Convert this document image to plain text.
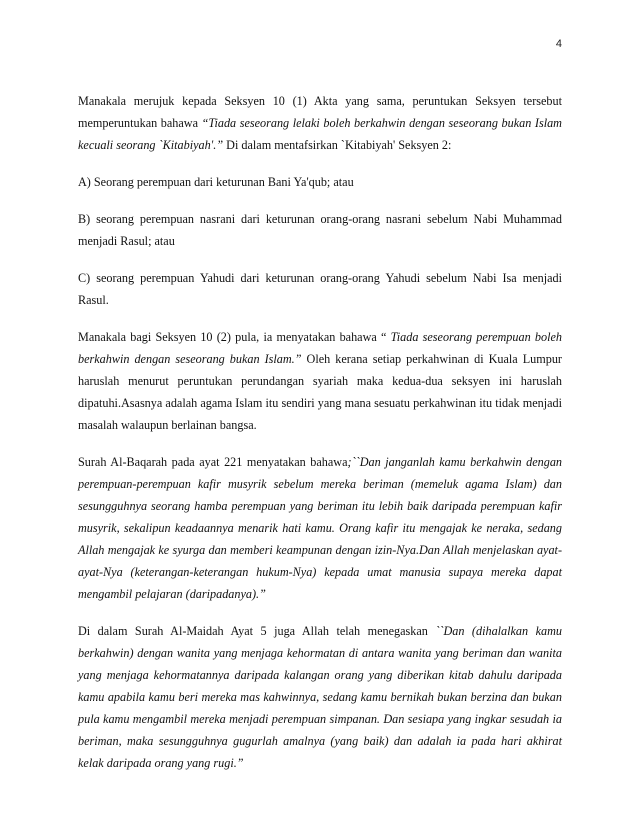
4

Manakala merujuk kepada Seksyen 10 (1) Akta yang sama, peruntukan Seksyen tersebut memperuntukan bahawa “Tiada seseorang lelaki boleh berkahwin dengan seseorang bukan Islam kecuali seorang `Kitabiyah'.” Di dalam mentafsirkan `Kitabiyah' Seksyen 2:

A) Seorang perempuan dari keturunan Bani Ya'qub; atau

B) seorang perempuan nasrani dari keturunan orang-orang nasrani sebelum Nabi Muhammad menjadi Rasul; atau

C) seorang perempuan Yahudi dari keturunan orang-orang Yahudi sebelum Nabi Isa menjadi Rasul.

Manakala bagi Seksyen 10 (2) pula, ia menyatakan bahawa “ Tiada seseorang perempuan boleh berkahwin dengan seseorang bukan Islam.” Oleh kerana setiap perkahwinan di Kuala Lumpur haruslah menurut peruntukan perundangan syariah maka kedua-dua seksyen ini haruslah dipatuhi.Asasnya adalah agama Islam itu sendiri yang mana sesuatu perkahwinan itu tidak menjadi masalah walaupun berlainan bangsa.

Surah Al-Baqarah pada ayat 221 menyatakan bahawa;``Dan janganlah kamu berkahwin dengan perempuan-perempuan kafir musyrik sebelum mereka beriman (memeluk agama Islam) dan sesungguhnya seorang hamba perempuan yang beriman itu lebih baik daripada perempuan kafir musyrik, sekalipun keadaannya menarik hati kamu. Orang kafir itu mengajak ke neraka, sedang Allah mengajak ke syurga dan memberi keampunan dengan izin-Nya.Dan Allah menjelaskan ayat-ayat-Nya (keterangan-keterangan hukum-Nya) kepada umat manusia supaya mereka dapat mengambil pelajaran (daripadanya).”

Di dalam Surah Al-Maidah Ayat 5 juga Allah telah menegaskan ``Dan (dihalalkan kamu berkahwin) dengan wanita yang menjaga kehormatan di antara wanita yang beriman dan wanita yang menjaga kehormatannya daripada kalangan orang yang diberikan kitab dahulu daripada kamu apabila kamu beri mereka mas kahwinnya, sedang kamu bernikah bukan berzina dan bukan pula kamu mengambil mereka menjadi perempuan simpanan. Dan sesiapa yang ingkar sesudah ia beriman, maka sesungguhnya gugurlah amalnya (yang baik) dan adalah ia pada hari akhirat kelak daripada orang yang rugi.”
